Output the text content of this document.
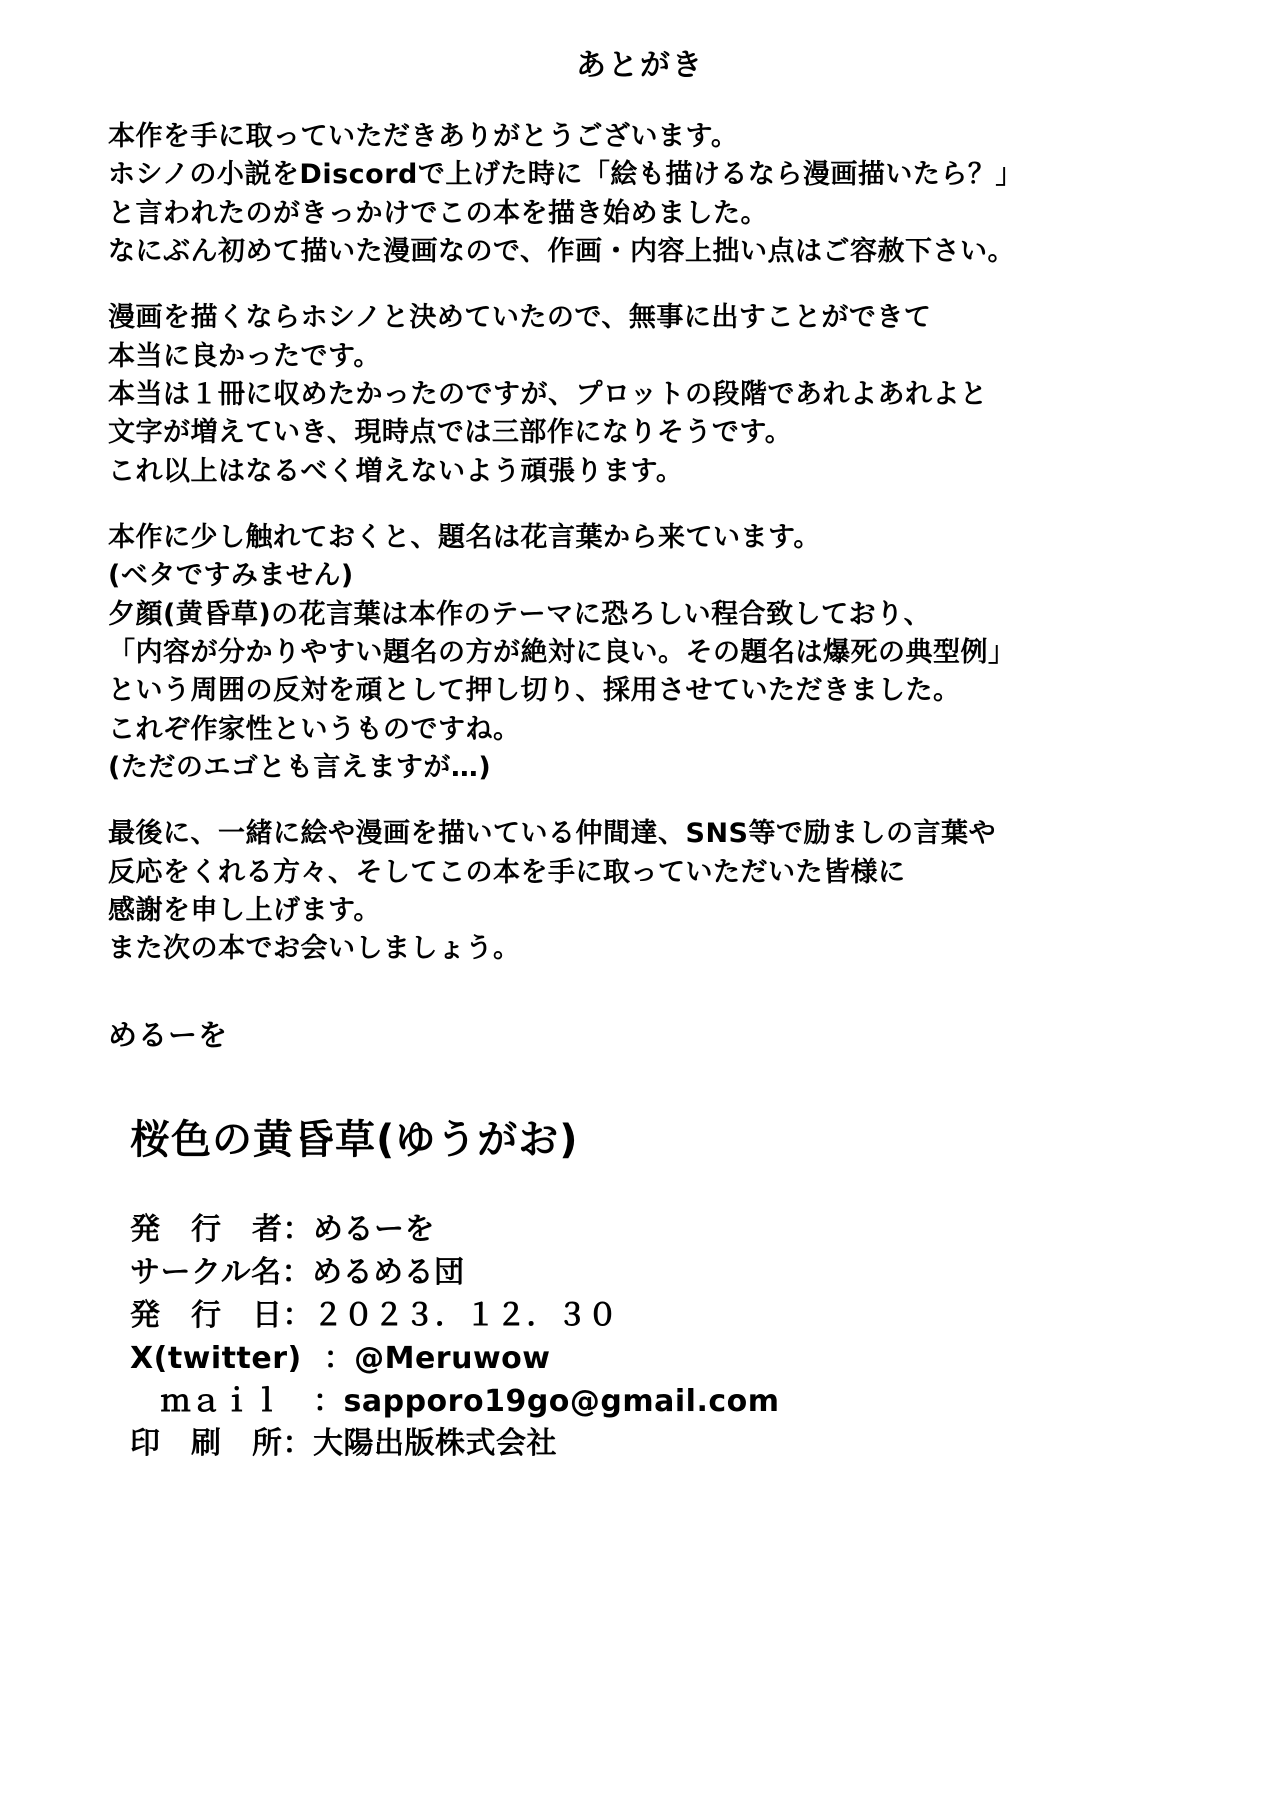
あとがき
本作を手に取っていただきありがとうございます。
ホシノの小説をDiscordで上げた時に「絵も描けるなら漫画描いたら？」
と言われたのがきっかけでこの本を描き始めました。
なにぶん初めて描いた漫画なので、作画・内容上拙い点はご容赦下さい。
漫画を描くならホシノと決めていたので、無事に出すことができて
本当に良かったです。
本当は１冊に収めたかったのですが、プロットの段階であれよあれよと
文字が増えていき、現時点では三部作になりそうです。
これ以上はなるべく増えないよう頑張ります。
本作に少し触れておくと、題名は花言葉から来ています。
(ベタですみません)
夕顔(黄昏草)の花言葉は本作のテーマに恐ろしい程合致しており、
「内容が分かりやすい題名の方が絶対に良い。その題名は爆死の典型例」
という周囲の反対を頑として押し切り、採用させていただきました。
これぞ作家性というものですね。
(ただのエゴとも言えますが…)
最後に、一緒に絵や漫画を描いている仲間達、SNS等で励ましの言葉や
反応をくれる方々、そしてこの本を手に取っていただいた皆様に
感謝を申し上げます。
また次の本でお会いしましょう。
めるーを
桜色の黄昏草(ゆうがお)
発　行　者：めるーを
サークル名：めるめる団
発　行　日：２０２３．１２．３０
X(twitter)  ：@Meruwow
　ｍａｉｌ　：sapporo19go@gmail.com
印　刷　所：大陽出版株式会社
